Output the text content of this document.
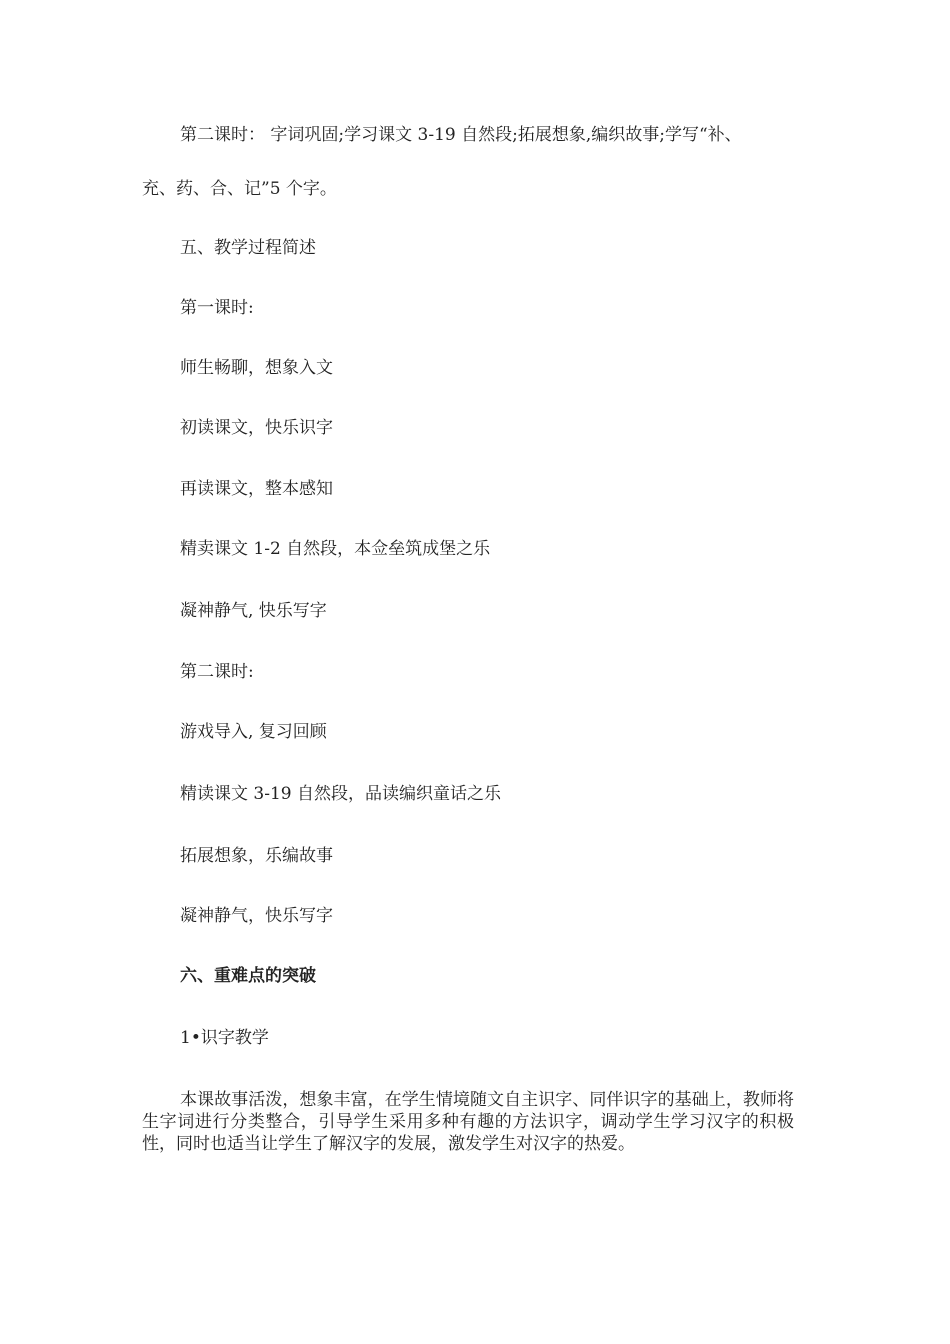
第二课时： 字词巩固;学习课文 3-19 自然段;拓展想象,编织故事;学写“补、

充、药、合、记”5 个字。

五、教学过程简述

第一课时:

师生畅聊，想象入文

初读课文，快乐识字

再读课文，整本感知

精卖课文 1-2 自然段，本佥垒筑成堡之乐

凝神静气, 快乐写字

第二课时:

游戏导入, 复习回顾

精读课文 3-19 自然段，品读编织童话之乐

拓展想象，乐编故事

凝神静气，快乐写字

六、重难点的突破

1•识字教学

本课故事活泼，想象丰富，在学生情境随文自主识字、同伴识字的基础上，教师将生字词进行分类整合，引导学生采用多种有趣的方法识字，调动学生学习汉字的积极性，同时也适当让学生了解汉字的发展，激发学生对汉字的热爱。
